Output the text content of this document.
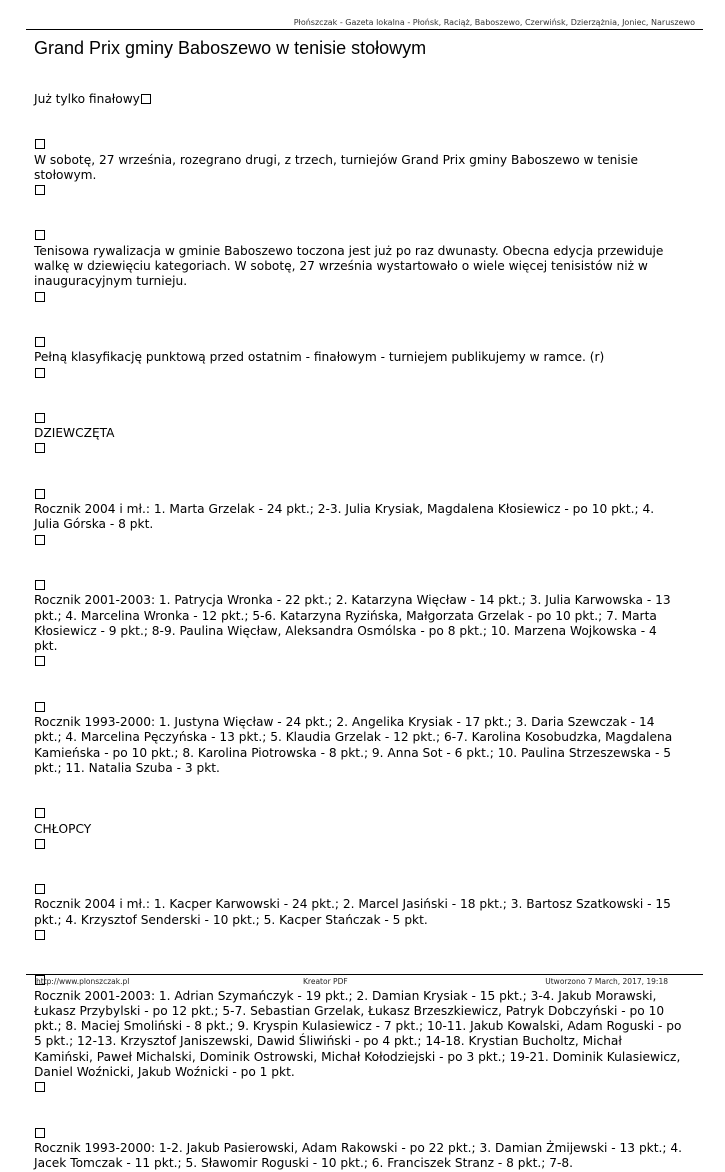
Płońszczak - Gazeta lokalna - Płońsk, Raciąż, Baboszewo, Czerwińsk, Dzierzążnia, Joniec, Naruszewo
Grand Prix gminy Baboszewo w tenisie stołowym

Już tylko finałowy

W sobotę, 27 września, rozegrano drugi, z trzech, turniejów Grand Prix gminy Baboszewo w tenisie stołowym.

Tenisowa rywalizacja w gminie Baboszewo toczona jest już po raz dwunasty. Obecna edycja przewiduje walkę w dziewięciu kategoriach. W sobotę, 27 września wystartowało o wiele więcej tenisistów niż w inauguracyjnym turnieju.

Pełną klasyfikację punktową przed ostatnim - finałowym - turniejem publikujemy w ramce. (r)

DZIEWCZĘTA

Rocznik 2004 i mł.: 1. Marta Grzelak - 24 pkt.; 2-3. Julia Krysiak, Magdalena Kłosiewicz - po 10 pkt.; 4. Julia Górska - 8 pkt.

Rocznik 2001-2003: 1. Patrycja Wronka - 22 pkt.; 2. Katarzyna Więcław - 14 pkt.; 3. Julia Karwowska - 13 pkt.; 4. Marcelina Wronka - 12 pkt.; 5-6. Katarzyna Ryzińska, Małgorzata Grzelak - po 10 pkt.; 7. Marta Kłosiewicz - 9 pkt.; 8-9. Paulina Więcław, Aleksandra Osmólska - po 8 pkt.; 10. Marzena Wojkowska - 4 pkt.

Rocznik 1993-2000: 1. Justyna Więcław - 24 pkt.; 2. Angelika Krysiak - 17 pkt.; 3. Daria Szewczak - 14 pkt.; 4. Marcelina Pęczyńska - 13 pkt.; 5. Klaudia Grzelak - 12 pkt.; 6-7. Karolina Kosobudzka, Magdalena Kamieńska - po 10 pkt.; 8. Karolina Piotrowska - 8 pkt.; 9. Anna Sot - 6 pkt.; 10. Paulina Strzeszewska - 5 pkt.; 11. Natalia Szuba - 3 pkt.

CHŁOPCY

Rocznik 2004 i mł.: 1. Kacper Karwowski - 24 pkt.; 2. Marcel Jasiński - 18 pkt.; 3. Bartosz Szatkowski - 15 pkt.; 4. Krzysztof Senderski - 10 pkt.; 5. Kacper Stańczak - 5 pkt.

Rocznik 2001-2003: 1. Adrian Szymańczyk - 19 pkt.; 2. Damian Krysiak - 15 pkt.; 3-4. Jakub Morawski, Łukasz Przybylski - po 12 pkt.; 5-7. Sebastian Grzelak, Łukasz Brzeszkiewicz, Patryk Dobczyński - po 10 pkt.; 8. Maciej Smoliński - 8 pkt.; 9. Kryspin Kulasiewicz - 7 pkt.; 10-11. Jakub Kowalski, Adam Roguski - po 5 pkt.; 12-13. Krzysztof Janiszewski, Dawid Śliwiński - po 4 pkt.; 14-18. Krystian Bucholtz, Michał Kamiński, Paweł Michalski, Dominik Ostrowski, Michał Kołodziejski - po 3 pkt.; 19-21. Dominik Kulasiewicz, Daniel Woźnicki, Jakub Woźnicki - po 1 pkt.

Rocznik 1993-2000: 1-2. Jakub Pasierowski, Adam Rakowski - po 22 pkt.; 3. Damian Żmijewski - 13 pkt.; 4. Jacek Tomczak - 11 pkt.; 5. Sławomir Roguski - 10 pkt.; 6. Franciszek Stranz - 8 pkt.; 7-8.

http://www.plonszczak.pl	Kreator PDF	Utworzono 7 March, 2017, 19:18
